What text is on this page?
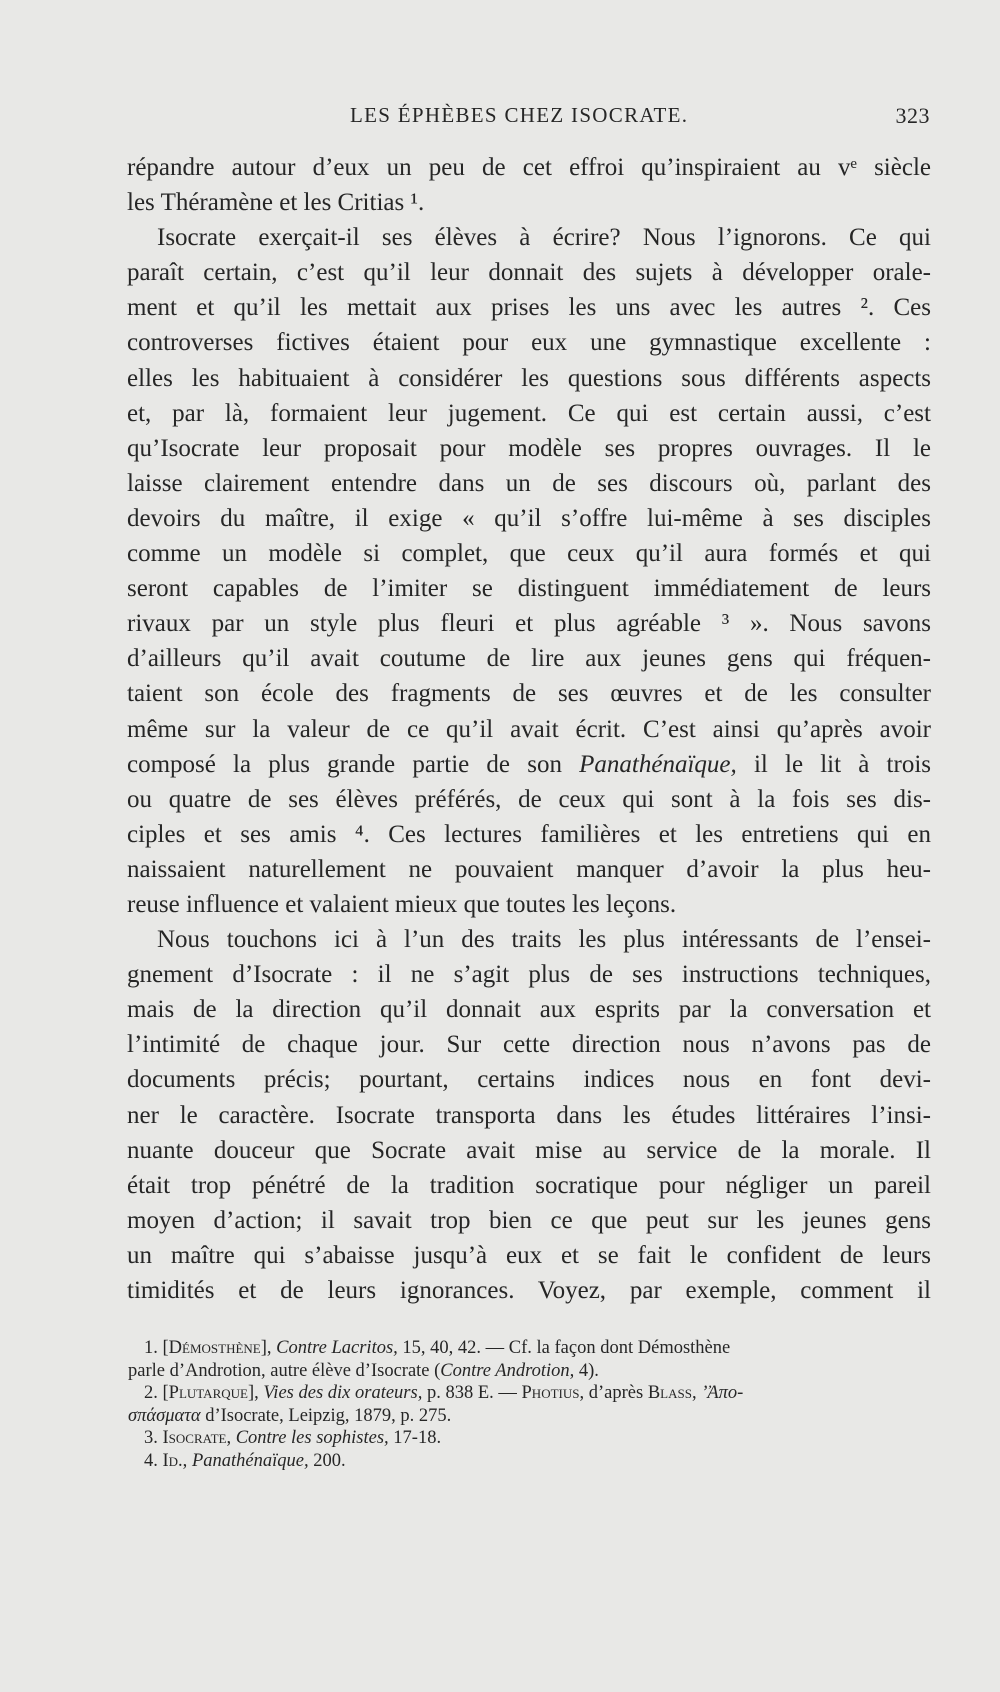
LES ÉPHÈBES CHEZ ISOCRATE.	323

répandre autour d’eux un peu de cet effroi qu’inspiraient au vᵉ siècle

les Théramène et les Critias ¹.

Isocrate exerçait-il ses élèves à écrire? Nous l’ignorons. Ce qui

paraît certain, c’est qu’il leur donnait des sujets à développer orale-

ment et qu’il les mettait aux prises les uns avec les autres ². Ces

controverses fictives étaient pour eux une gymnastique excellente :

elles les habituaient à considérer les questions sous différents aspects

et, par là, formaient leur jugement. Ce qui est certain aussi, c’est

qu’Isocrate leur proposait pour modèle ses propres ouvrages. Il le

laisse clairement entendre dans un de ses discours où, parlant des

devoirs du maître, il exige « qu’il s’offre lui-même à ses disciples

comme un modèle si complet, que ceux qu’il aura formés et qui

seront capables de l’imiter se distinguent immédiatement de leurs

rivaux par un style plus fleuri et plus agréable ³ ». Nous savons

d’ailleurs qu’il avait coutume de lire aux jeunes gens qui fréquen-

taient son école des fragments de ses œuvres et de les consulter

même sur la valeur de ce qu’il avait écrit. C’est ainsi qu’après avoir

composé la plus grande partie de son Panathénaïque, il le lit à trois

ou quatre de ses élèves préférés, de ceux qui sont à la fois ses dis-

ciples et ses amis ⁴. Ces lectures familières et les entretiens qui en

naissaient naturellement ne pouvaient manquer d’avoir la plus heu-

reuse influence et valaient mieux que toutes les leçons.

Nous touchons ici à l’un des traits les plus intéressants de l’ensei-

gnement d’Isocrate : il ne s’agit plus de ses instructions techniques,

mais de la direction qu’il donnait aux esprits par la conversation et

l’intimité de chaque jour. Sur cette direction nous n’avons pas de

documents précis; pourtant, certains indices nous en font devi-

ner le caractère. Isocrate transporta dans les études littéraires l’insi-

nuante douceur que Socrate avait mise au service de la morale. Il

était trop pénétré de la tradition socratique pour négliger un pareil

moyen d’action; il savait trop bien ce que peut sur les jeunes gens

un maître qui s’abaisse jusqu’à eux et se fait le confident de leurs

timidités et de leurs ignorances. Voyez, par exemple, comment il

1. [Démosthène], Contre Lacritos, 15, 40, 42. — Cf. la façon dont Démosthène

parle d’Androtion, autre élève d’Isocrate (Contre Androtion, 4).

2. [Plutarque], Vies des dix orateurs, p. 838 E. — Photius, d’après Blass, ’Ἀπο-

σπάσματα d’Isocrate, Leipzig, 1879, p. 275.

3. Isocrate, Contre les sophistes, 17-18.

4. Id., Panathénaïque, 200.
